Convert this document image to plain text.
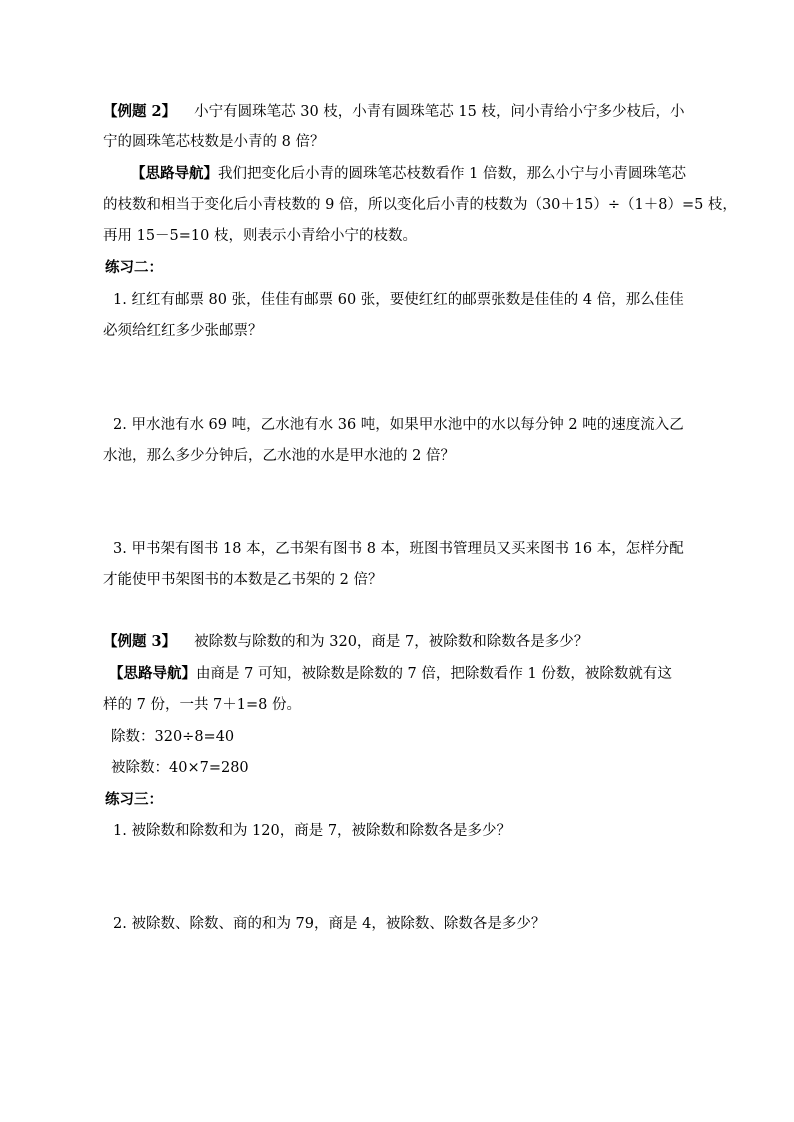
【例题 2】 小宁有圆珠笔芯 30 枝，小青有圆珠笔芯 15 枝，问小青给小宁多少枝后，小
宁的圆珠笔芯枝数是小青的 8 倍？
【思路导航】我们把变化后小青的圆珠笔芯枝数看作 1 倍数，那么小宁与小青圆珠笔芯
的枝数和相当于变化后小青枝数的 9 倍，所以变化后小青的枝数为（30＋15）÷（1＋8）=5 枝，
再用 15－5=10 枝，则表示小青给小宁的枝数。
练习二：
1. 红红有邮票 80 张，佳佳有邮票 60 张，要使红红的邮票张数是佳佳的 4 倍，那么佳佳
必须给红红多少张邮票？
2. 甲水池有水 69 吨，乙水池有水 36 吨，如果甲水池中的水以每分钟 2 吨的速度流入乙
水池，那么多少分钟后，乙水池的水是甲水池的 2 倍？
3. 甲书架有图书 18 本，乙书架有图书 8 本，班图书管理员又买来图书 16 本，怎样分配
才能使甲书架图书的本数是乙书架的 2 倍？
【例题 3】 被除数与除数的和为 320，商是 7，被除数和除数各是多少？
【思路导航】由商是 7 可知，被除数是除数的 7 倍，把除数看作 1 份数，被除数就有这
样的 7 份，一共 7＋1=8 份。
除数：320÷8=40
被除数：40×7=280
练习三：
1. 被除数和除数和为 120，商是 7，被除数和除数各是多少？
2. 被除数、除数、商的和为 79，商是 4，被除数、除数各是多少？
